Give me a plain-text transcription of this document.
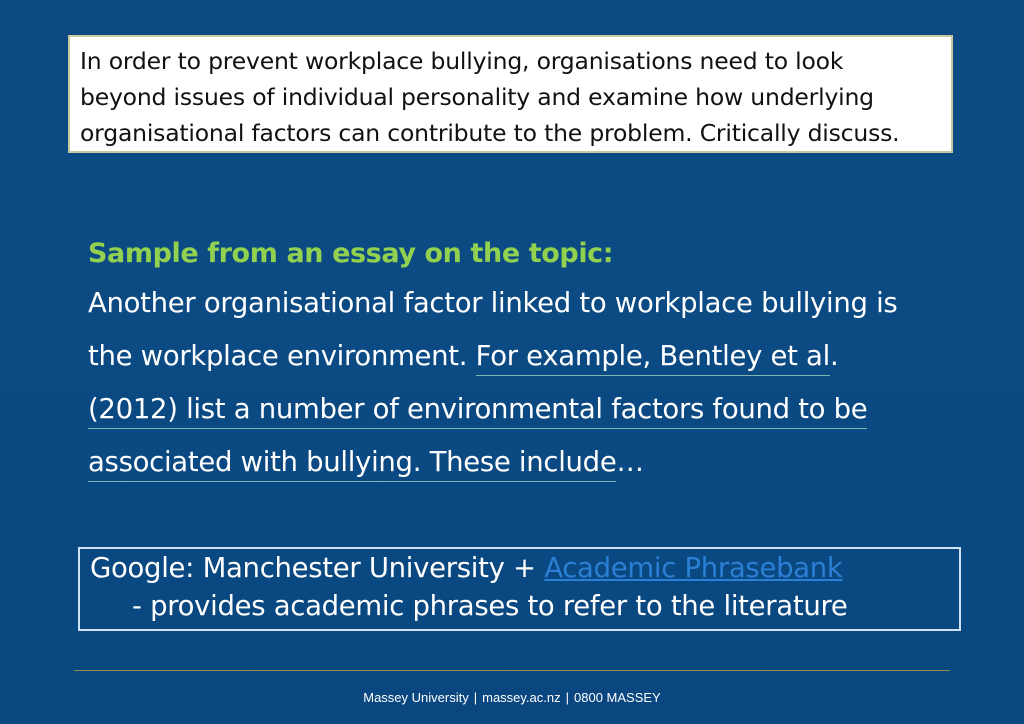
In order to prevent workplace bullying, organisations need to look
beyond issues of individual personality and examine how underlying
organisational factors can contribute to the problem. Critically discuss.
Sample from an essay on the topic:
Another organisational factor linked to workplace bullying is
the workplace environment. For example, Bentley et al.
(2012) list a number of environmental factors found to be
associated with bullying. These include…
Google: Manchester University + Academic Phrasebank
- provides academic phrases to refer to the literature
Massey University | massey.ac.nz | 0800 MASSEY
